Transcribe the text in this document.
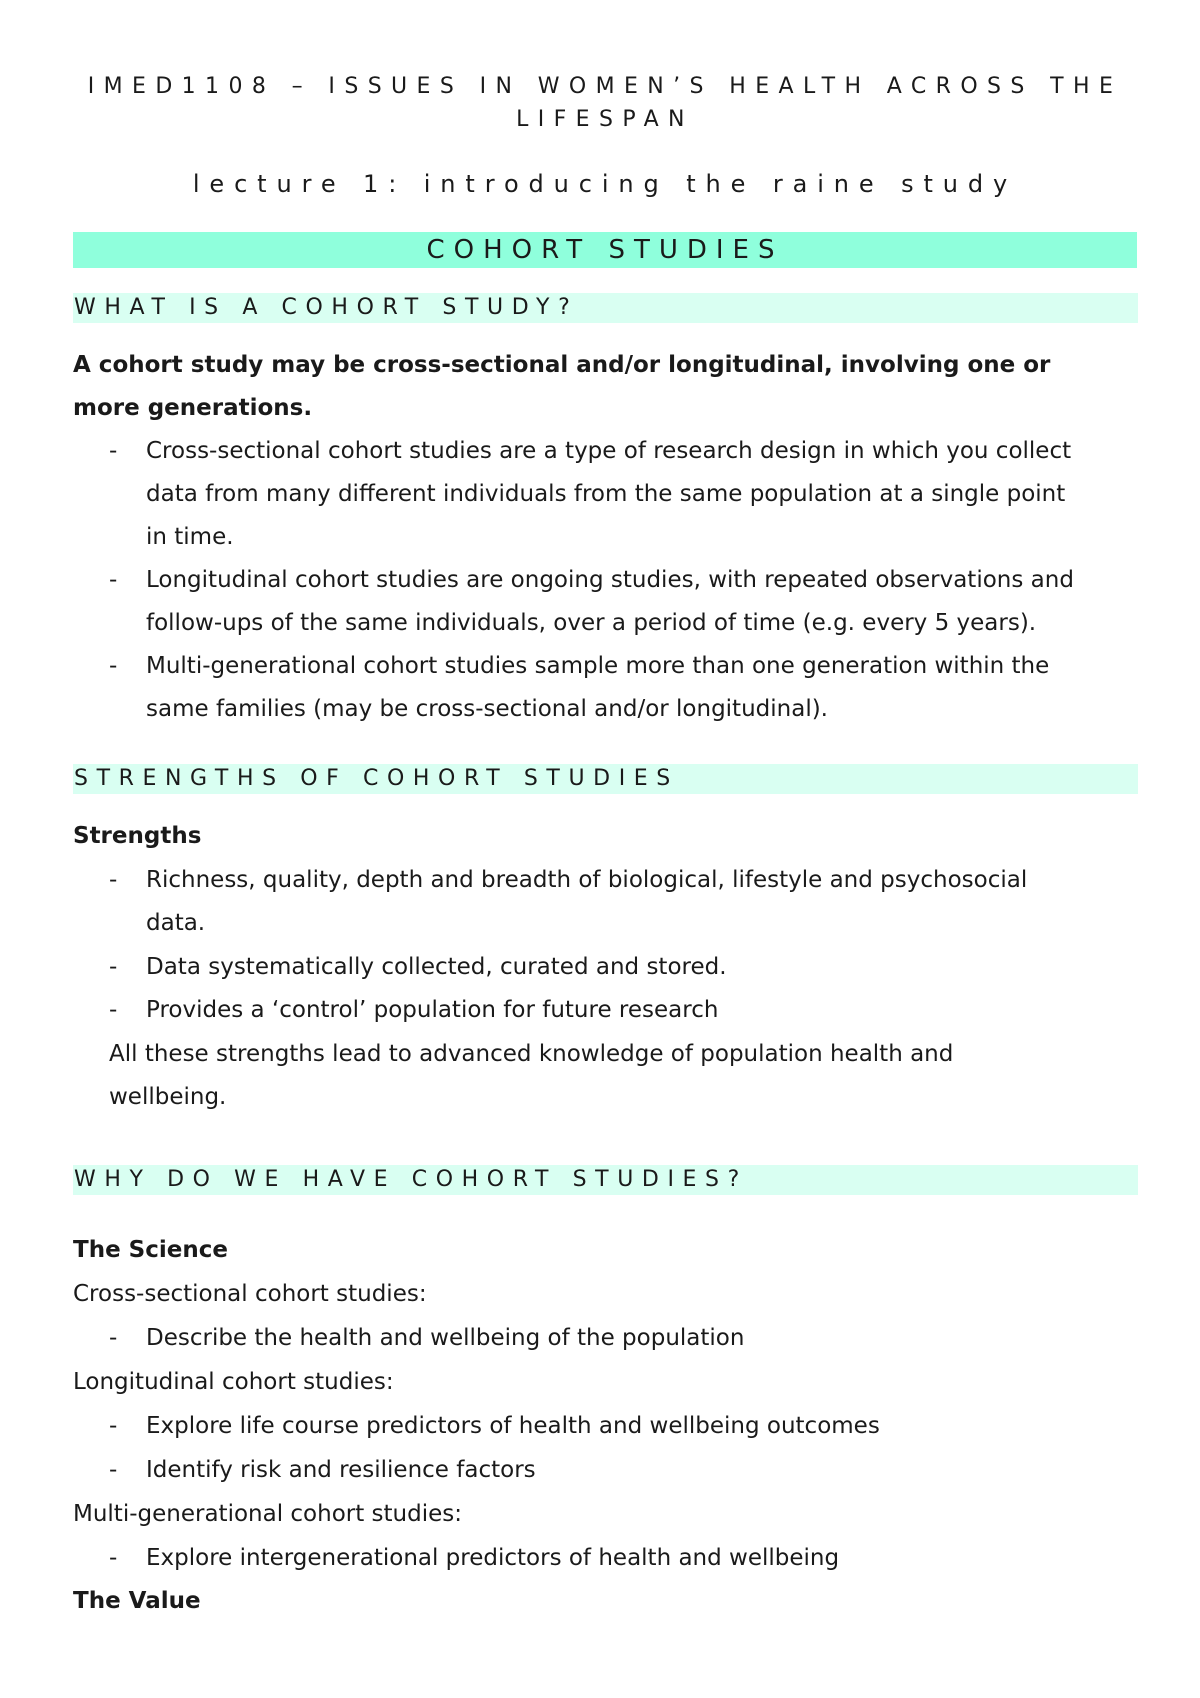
IMED1108 – ISSUES IN WOMEN’S HEALTH ACROSS THE
LIFESPAN
lecture 1: introducing the raine study
COHORT STUDIES
WHAT IS A COHORT STUDY?
A cohort study may be cross-sectional and/or longitudinal, involving one or
more generations.
- Cross-sectional cohort studies are a type of research design in which you collect
data from many different individuals from the same population at a single point
in time.
- Longitudinal cohort studies are ongoing studies, with repeated observations and
follow-ups of the same individuals, over a period of time (e.g. every 5 years).
- Multi-generational cohort studies sample more than one generation within the
same families (may be cross-sectional and/or longitudinal).
STRENGTHS OF COHORT STUDIES
Strengths
- Richness, quality, depth and breadth of biological, lifestyle and psychosocial
data.
- Data systematically collected, curated and stored.
- Provides a ‘control’ population for future research
All these strengths lead to advanced knowledge of population health and
wellbeing.
WHY DO WE HAVE COHORT STUDIES?
The Science
Cross-sectional cohort studies:
- Describe the health and wellbeing of the population
Longitudinal cohort studies:
- Explore life course predictors of health and wellbeing outcomes
- Identify risk and resilience factors
Multi-generational cohort studies:
- Explore intergenerational predictors of health and wellbeing
The Value
